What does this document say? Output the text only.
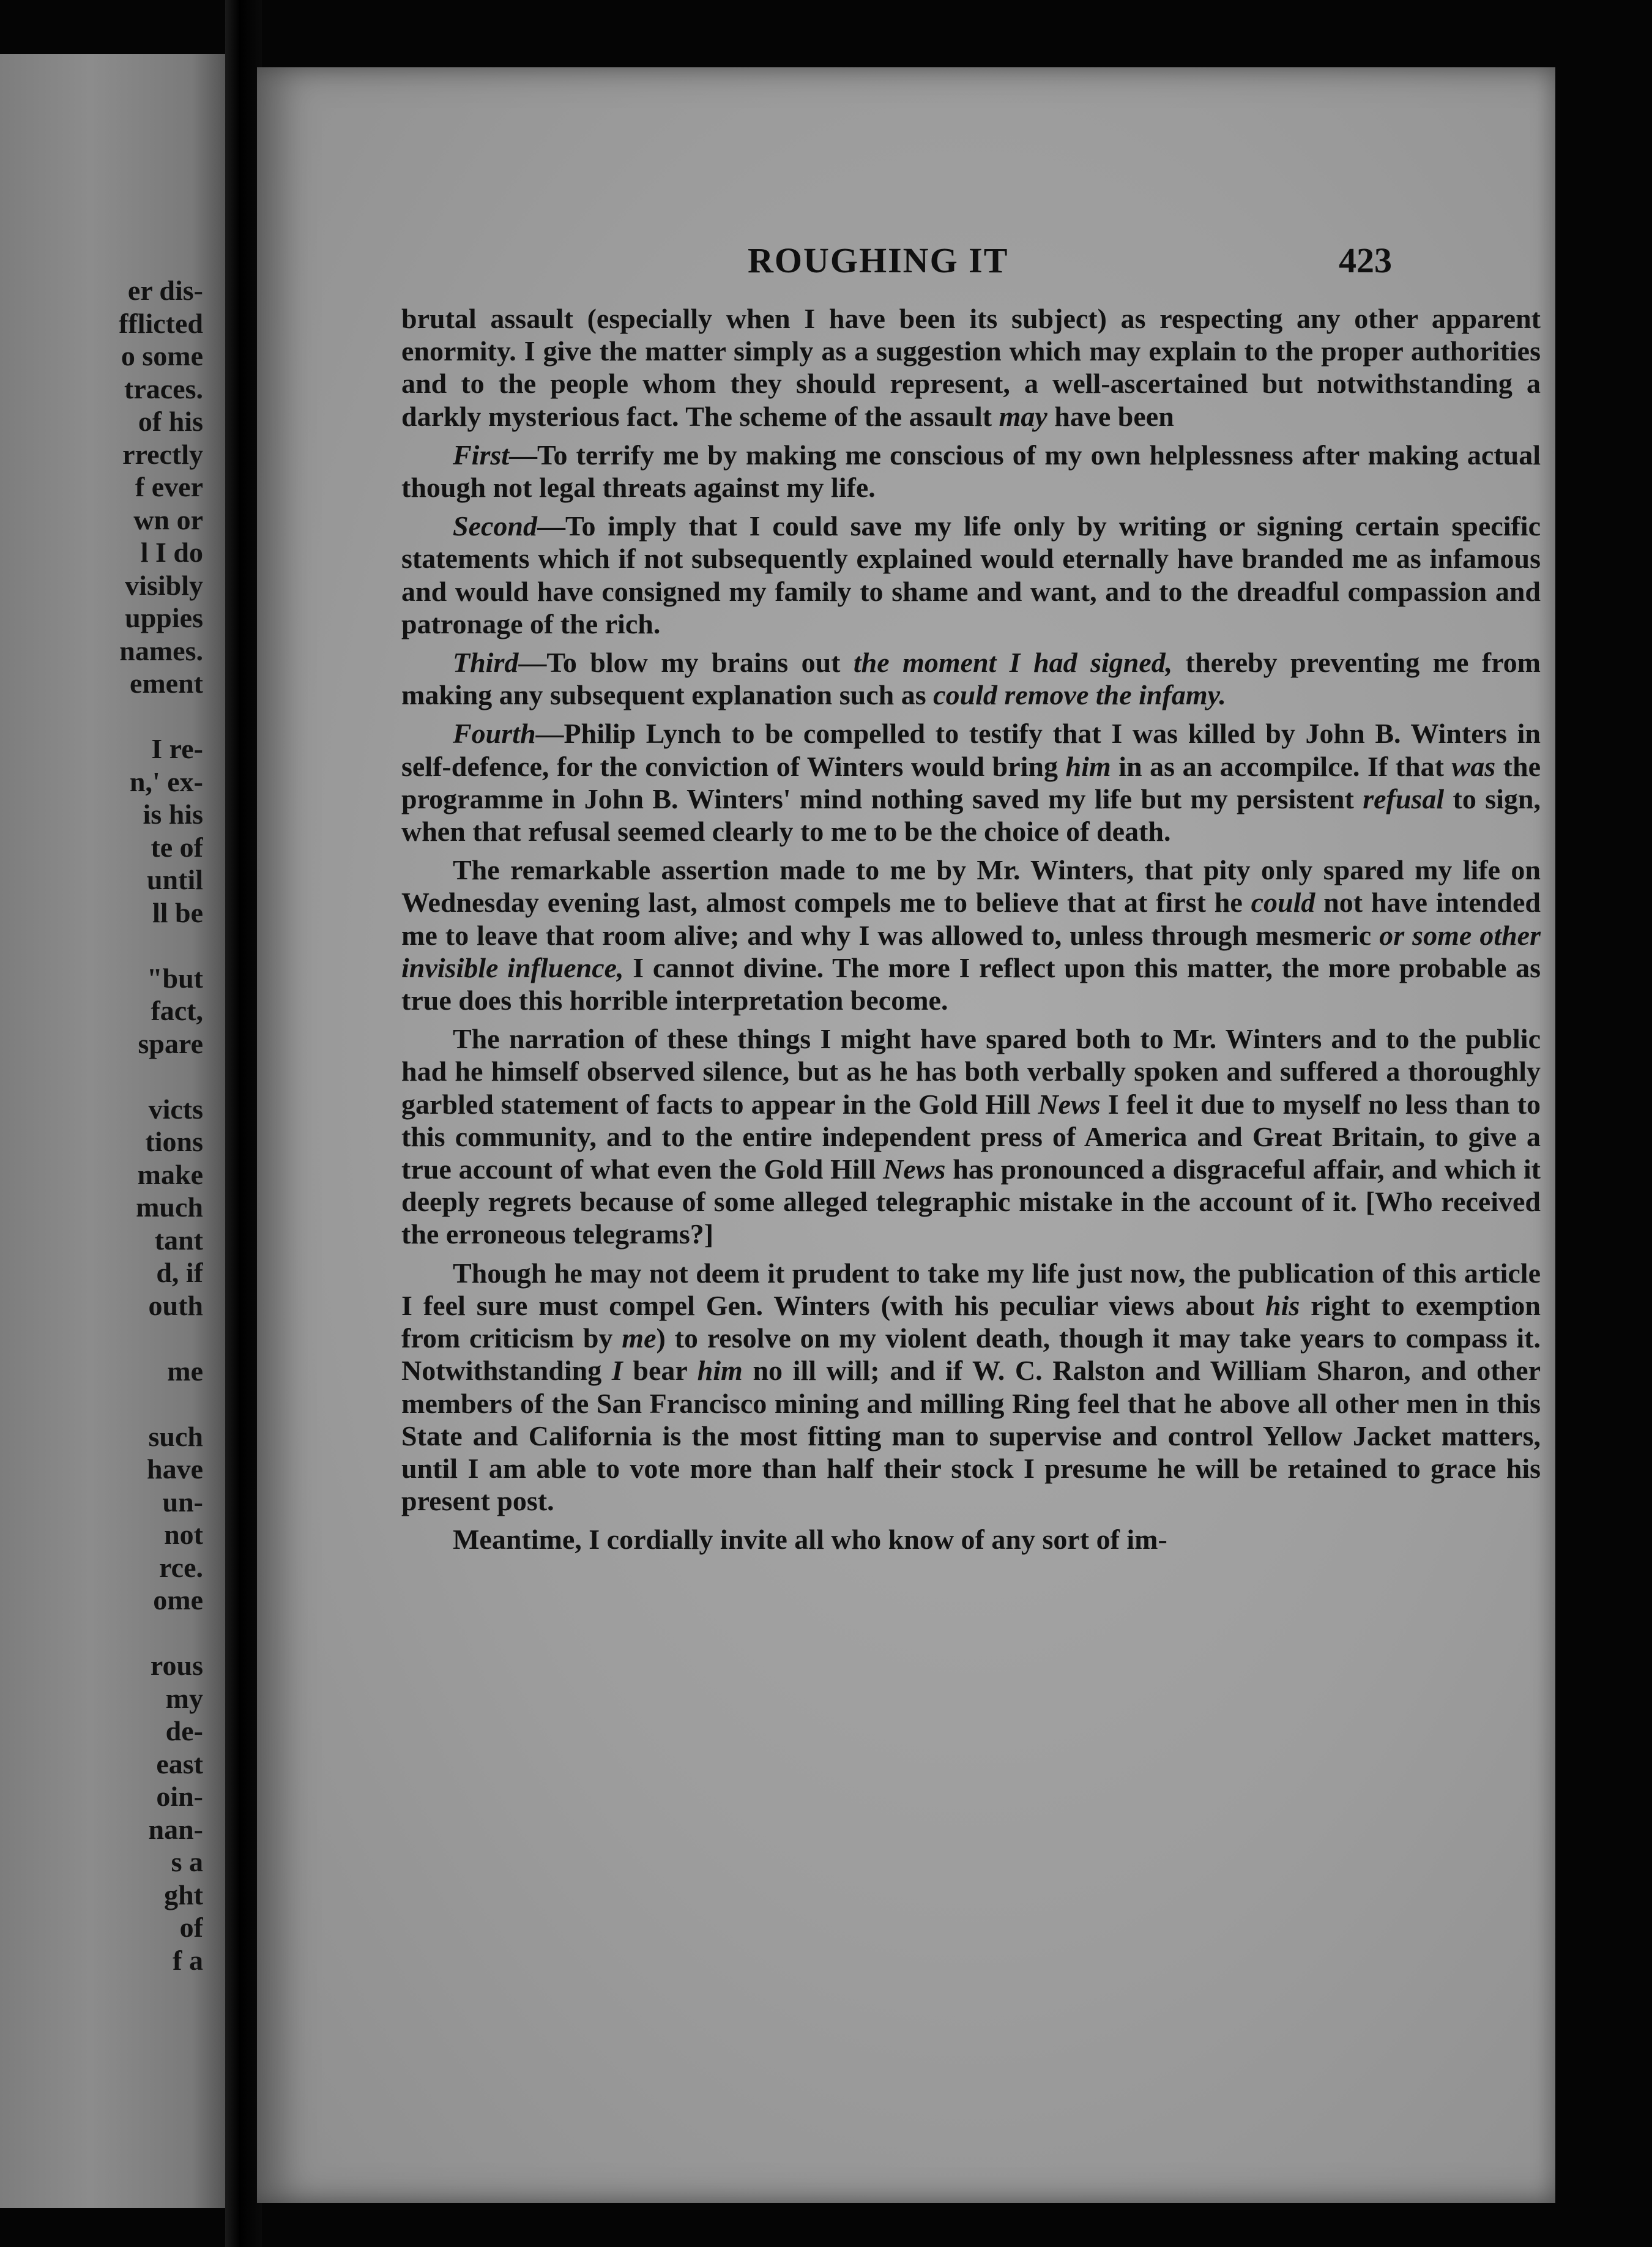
er dis-
fflicted
o some
traces.
of his
rrectly
f ever
wn or
l I do
visibly
uppies
names.
ement
I re-
n,' ex-
is his
te of
until
ll be
"but
fact,
spare
victs
tions
make
much
tant
d, if
outh
me
such
have
un-
not
rce.
ome
rous
my
de-
east
oin-
nan-
s a
ght
of
f a
ROUGHING IT	423

brutal assault (especially when I have been its subject) as respecting any other apparent enormity. I give the matter simply as a suggestion which may explain to the proper authorities and to the people whom they should represent, a well-ascertained but notwithstanding a darkly mysterious fact. The scheme of the assault may have been

First—To terrify me by making me conscious of my own helplessness after making actual though not legal threats against my life.

Second—To imply that I could save my life only by writing or signing certain specific statements which if not subsequently explained would eternally have branded me as infamous and would have consigned my family to shame and want, and to the dreadful compassion and patronage of the rich.

Third—To blow my brains out the moment I had signed, thereby preventing me from making any subsequent explanation such as could remove the infamy.

Fourth—Philip Lynch to be compelled to testify that I was killed by John B. Winters in self-defence, for the conviction of Winters would bring him in as an accompilce. If that was the programme in John B. Winters' mind nothing saved my life but my persistent refusal to sign, when that refusal seemed clearly to me to be the choice of death.

The remarkable assertion made to me by Mr. Winters, that pity only spared my life on Wednesday evening last, almost compels me to believe that at first he could not have intended me to leave that room alive; and why I was allowed to, unless through mesmeric or some other invisible influence, I cannot divine. The more I reflect upon this matter, the more probable as true does this horrible interpretation become.

The narration of these things I might have spared both to Mr. Winters and to the public had he himself observed silence, but as he has both verbally spoken and suffered a thoroughly garbled statement of facts to appear in the Gold Hill News I feel it due to myself no less than to this community, and to the entire independent press of America and Great Britain, to give a true account of what even the Gold Hill News has pronounced a disgraceful affair, and which it deeply regrets because of some alleged telegraphic mistake in the account of it. [Who received the erroneous telegrams?]

Though he may not deem it prudent to take my life just now, the publication of this article I feel sure must compel Gen. Winters (with his peculiar views about his right to exemption from criticism by me) to resolve on my violent death, though it may take years to compass it. Notwithstanding I bear him no ill will; and if W. C. Ralston and William Sharon, and other members of the San Francisco mining and milling Ring feel that he above all other men in this State and California is the most fitting man to supervise and control Yellow Jacket matters, until I am able to vote more than half their stock I presume he will be retained to grace his present post.

Meantime, I cordially invite all who know of any sort of im-
